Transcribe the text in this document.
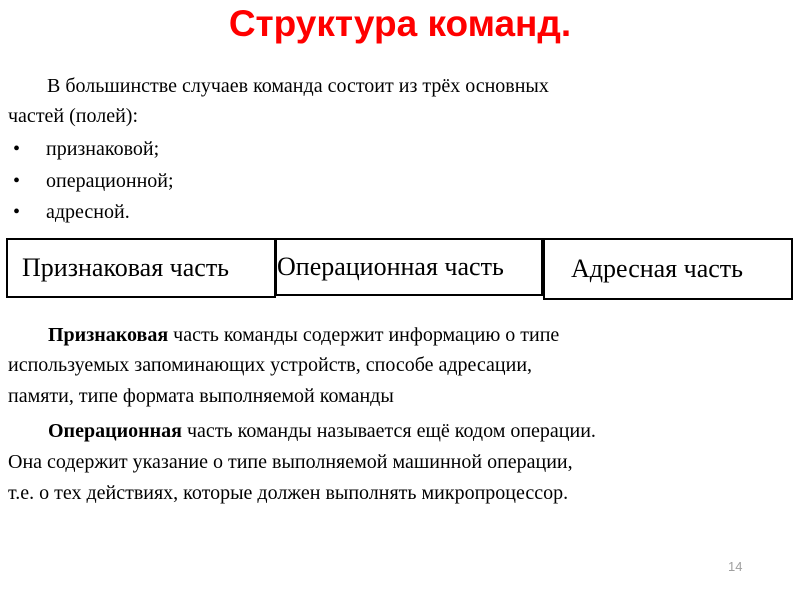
Структура команд.
В большинстве случаев команда состоит из трёх основных
частей (полей):
• признаковой;
• операционной;
• адресной.
Признаковая часть Операционная часть	Адресная часть
Признаковая часть команды содержит информацию о типе
используемых запоминающих устройств, способе адресации,
памяти, типе формата выполняемой команды
Операционная часть команды называется ещё кодом операции.
Она содержит указание о типе выполняемой машинной операции,
т.е. о тех действиях, которые должен выполнять микропроцессор.
14
